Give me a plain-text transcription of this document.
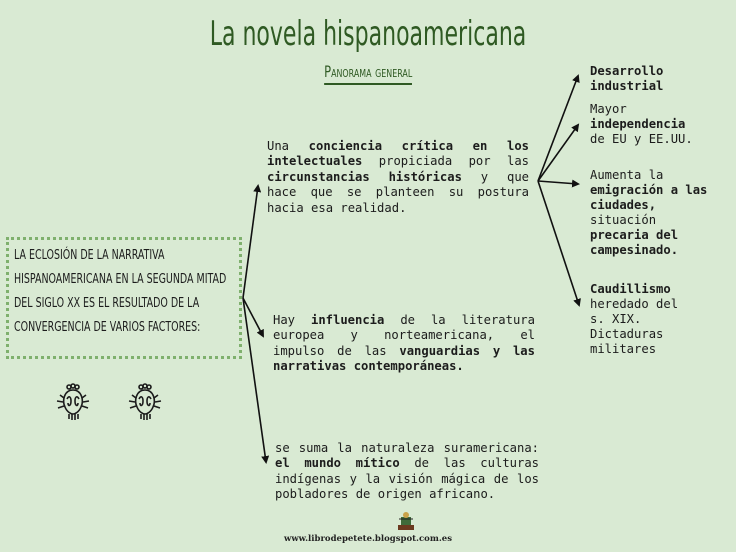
La novela hispanoamericana
Panorama general
LA ECLOSIÓN DE LA NARRATIVA
HISPANOAMERICANA EN LA SEGUNDA MITAD
DEL SIGLO XX ES EL RESULTADO DE LA
CONVERGENCIA DE VARIOS FACTORES:

Una conciencia crítica en los intelectuales propiciada por las circunstancias históricas y que hace que se planteen su postura hacia esa realidad.
Hay influencia de la literatura europea y norteamericana, el impulso de las vanguardias y las narrativas contemporáneas.
se suma la naturaleza suramericana: el mundo mítico de las culturas indígenas y la visión mágica de los pobladores de origen africano.
Desarrollo industrial
Mayor
independencia
de EU y EE.UU.
Aumenta la
emigración a las ciudades,
situación
precaria del campesinado.
Caudillismo heredado del s. XIX. Dictaduras militares
www.librodepetete.blogspot.com.es
